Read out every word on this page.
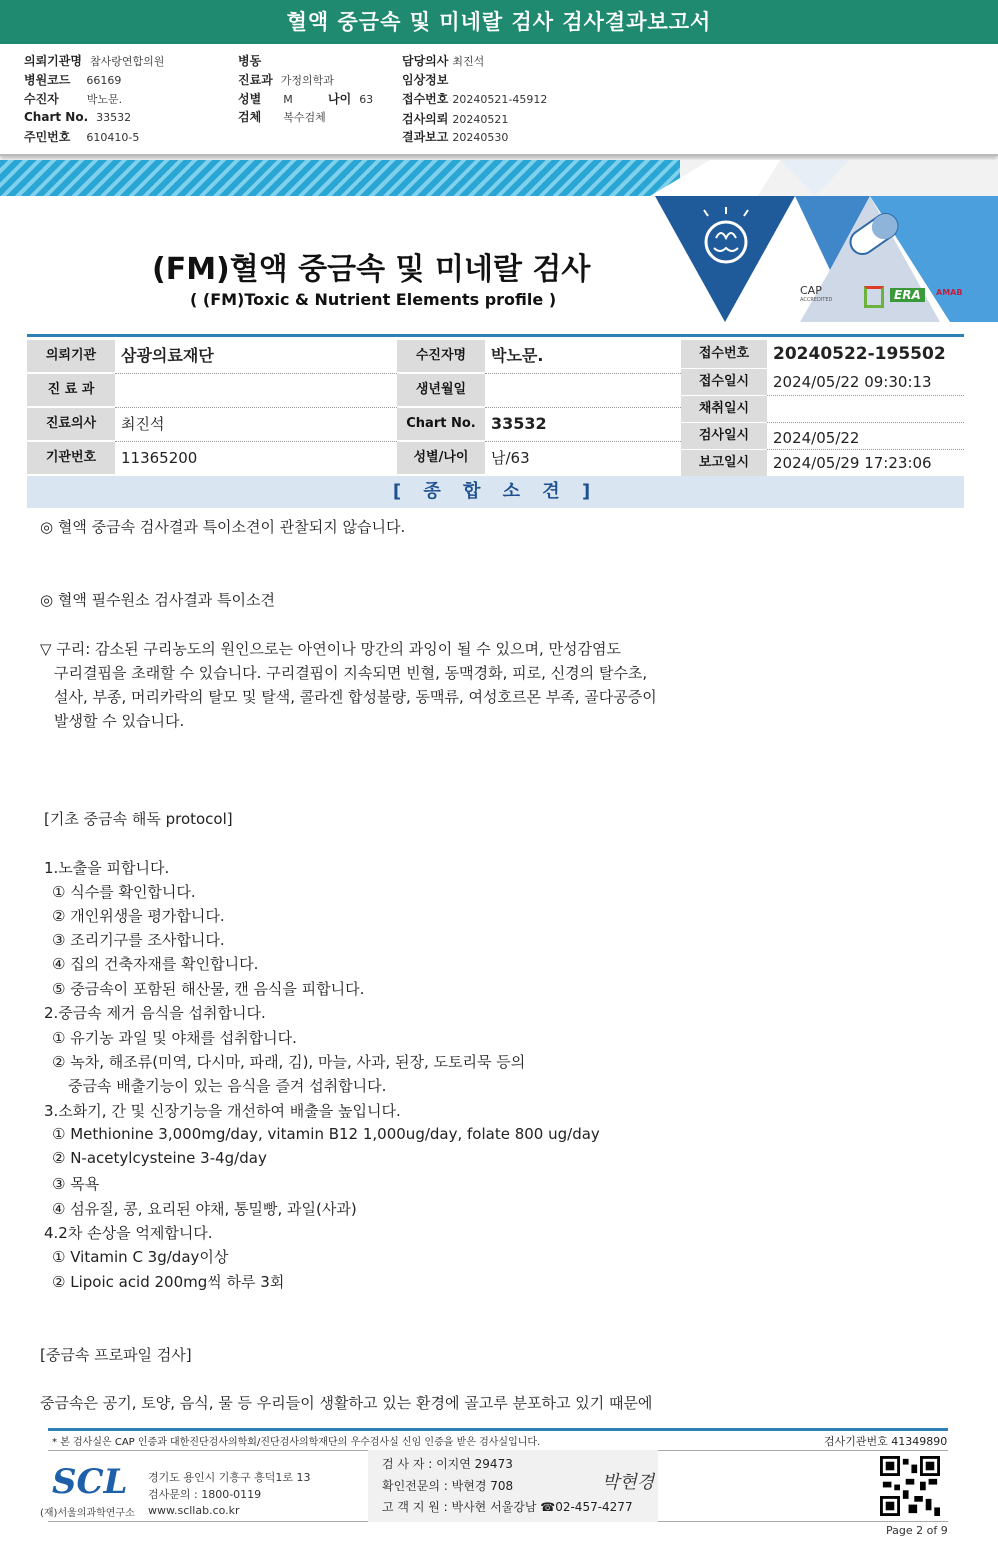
혈액 중금속 및 미네랄 검사 검사결과보고서
의뢰기관명 참사랑연합의원
병원코드 66169
수진자	박노문.
Chart No. 33532
주민번호 610410-5
병동
진료과 가정의학과
성별 M	나이 63
검체 복수검체
담당의사 최진석
임상정보
접수번호 20240521-45912
검사의뢰 20240521
결과보고 20240530
(FM)혈액 중금속 및 미네랄 검사
( (FM)Toxic & Nutrient Elements profile )	CAP
ACCREDITED	ERA	AMAB
의뢰기관	삼광의료재단
진 료 과
진료의사	최진석
기관번호	11365200
수진자명	박노문.
생년월일
Chart No. 33532
성별/나이	남/63
접수번호	20240522-195502
접수일시	2024/05/22 09:30:13
채취일시
검사일시	2024/05/22
보고일시	2024/05/29 17:23:06
[ 종 합 소 견 ]
◎ 혈액 중금속 검사결과 특이소견이 관찰되지 않습니다.
◎ 혈액 필수원소 검사결과 특이소견
▽ 구리: 감소된 구리농도의 원인으로는 아연이나 망간의 과잉이 될 수 있으며, 만성감염도
구리결핍을 초래할 수 있습니다. 구리결핍이 지속되면 빈혈, 동맥경화, 피로, 신경의 탈수초,
설사, 부종, 머리카락의 탈모 및 탈색, 콜라겐 합성불량, 동맥류, 여성호르몬 부족, 골다공증이
발생할 수 있습니다.
[기초 중금속 해독 protocol]
1.노출을 피합니다.
① 식수를 확인합니다.
② 개인위생을 평가합니다.
③ 조리기구를 조사합니다.
④ 집의 건축자재를 확인합니다.
⑤ 중금속이 포함된 해산물, 캔 음식을 피합니다.
2.중금속 제거 음식을 섭취합니다.
① 유기농 과일 및 야채를 섭취합니다.
② 녹차, 해조류(미역, 다시마, 파래, 김), 마늘, 사과, 된장, 도토리묵 등의
중금속 배출기능이 있는 음식을 즐겨 섭취합니다.
3.소화기, 간 및 신장기능을 개선하여 배출을 높입니다.
① Methionine 3,000mg/day, vitamin B12 1,000ug/day, folate 800 ug/day
② N-acetylcysteine 3-4g/day
③ 목욕
④ 섬유질, 콩, 요리된 야채, 통밀빵, 과일(사과)
4.2차 손상을 억제합니다.
① Vitamin C 3g/day이상
② Lipoic acid 200mg씩 하루 3회
[중금속 프로파일 검사]
중금속은 공기, 토양, 음식, 물 등 우리들이 생활하고 있는 환경에 골고루 분포하고 있기 때문에
* 본 검사실은 CAP 인증과 대한진단검사의학회/진단검사의학재단의 우수검사실 신임 인증을 받은 검사실입니다.	검사기관번호 41349890
SCL
(재)서울의과학연구소
경기도 용인시 기흥구 흥덕1로 13
검사문의 : 1800-0119
www.scllab.co.kr
검 사 자 : 이지연 29473
확인전문의 : 박현경 708
고 객 지 원 : 박사현 서울강남 ☎02-457-4277
박현경
Page 2 of 9
